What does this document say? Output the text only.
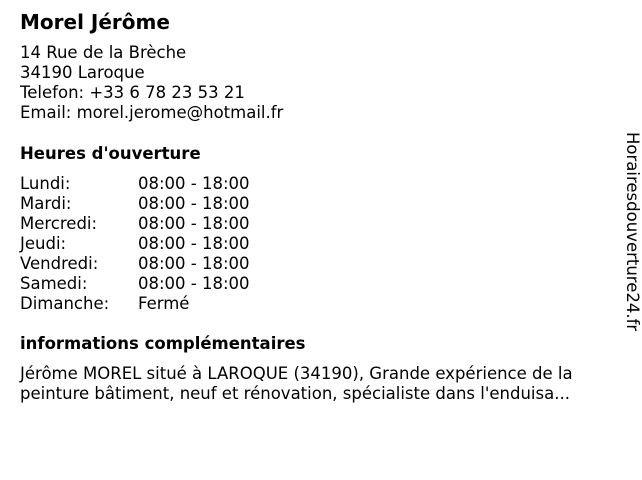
Morel Jérôme
14 Rue de la Brèche
34190 Laroque
Telefon: +33 6 78 23 53 21
Email: morel.jerome@hotmail.fr
Heures d'ouverture
Lundi:	08:00 - 18:00
Mardi:	08:00 - 18:00
Mercredi: 08:00 - 18:00
Jeudi:	08:00 - 18:00
Vendredi: 08:00 - 18:00
Samedi:	08:00 - 18:00
Dimanche: Fermé
informations complémentaires
Jérôme MOREL situé à LAROQUE (34190), Grande expérience de la
peinture bâtiment, neuf et rénovation, spécialiste dans l'enduisa...
Horairesdouverture24.fr
